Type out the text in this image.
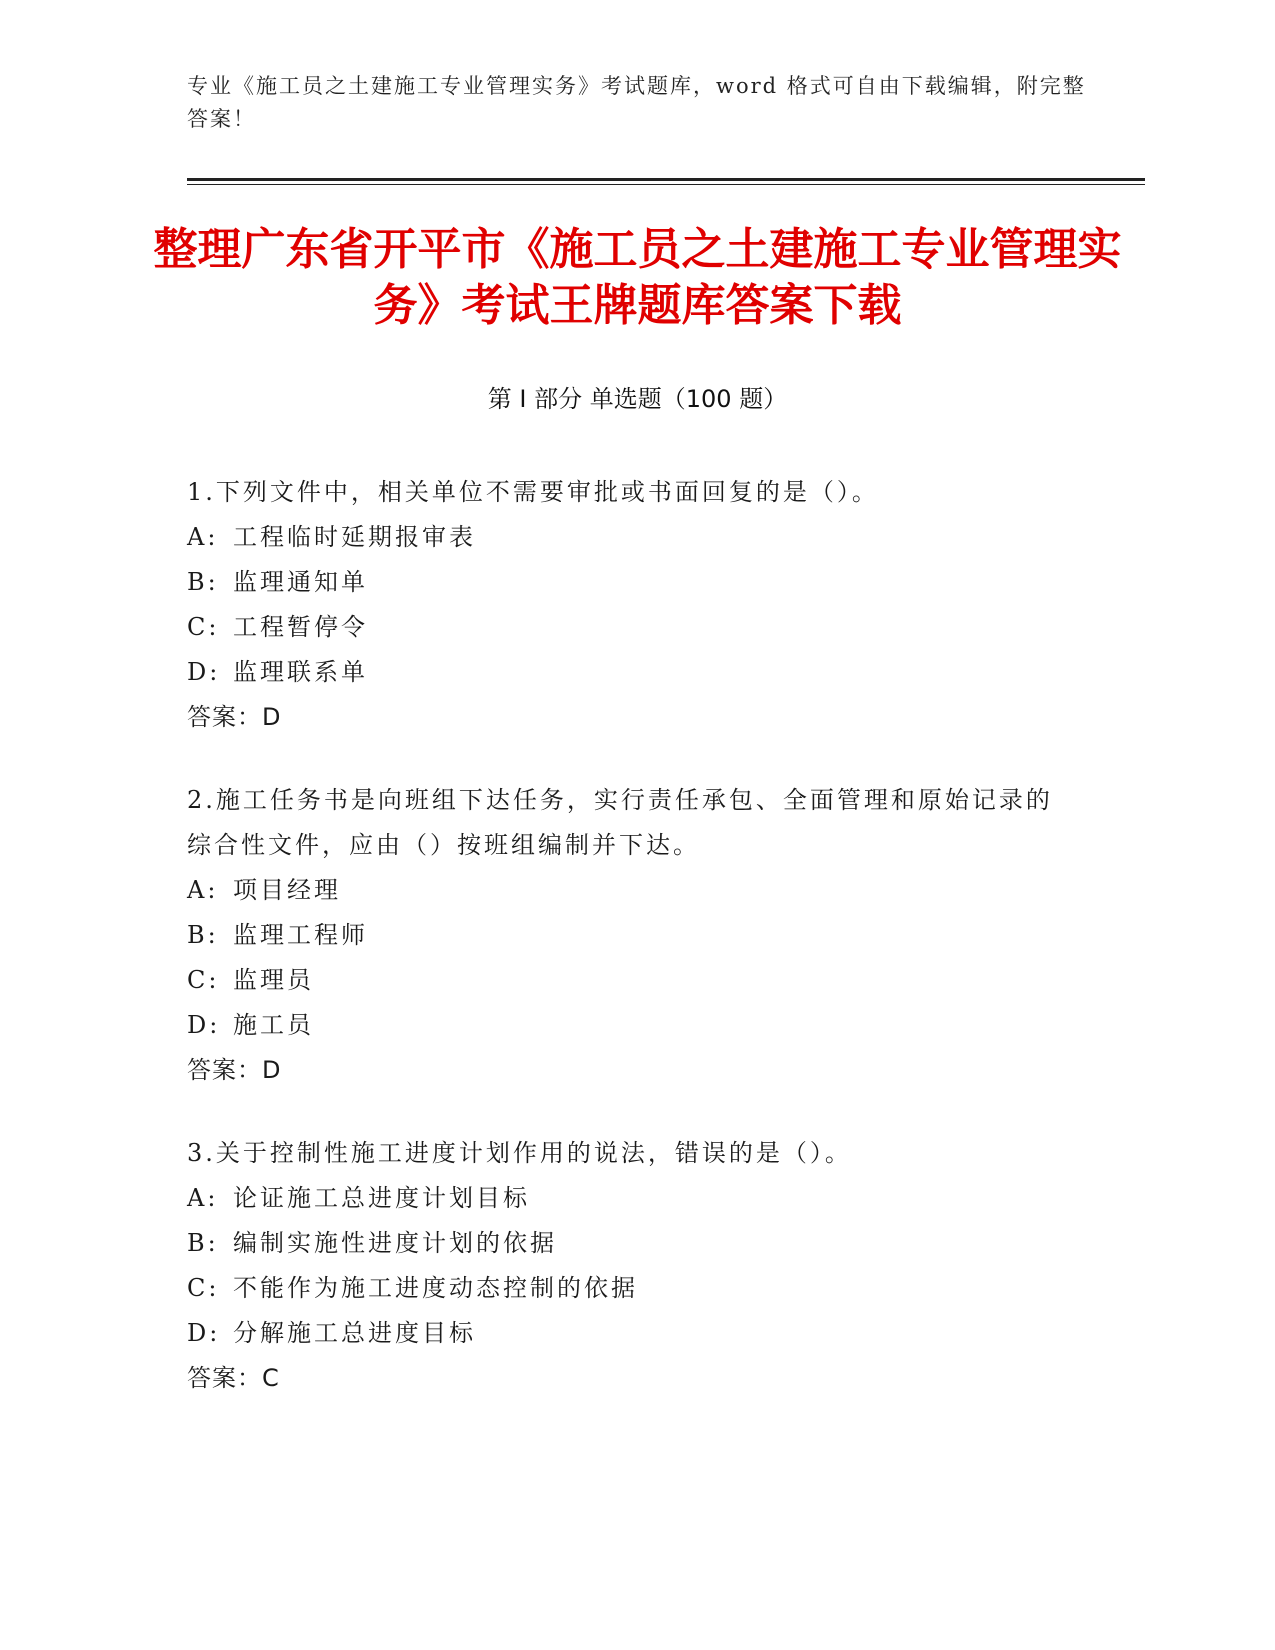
专业《施工员之土建施工专业管理实务》考试题库，word 格式可自由下载编辑，附完整答案！
整理广东省开平市《施工员之土建施工专业管理实务》考试王牌题库答案下载
第 I 部分 单选题（100 题）

1.下列文件中，相关单位不需要审批或书面回复的是（）。

A: 工程临时延期报审表

B: 监理通知单

C: 工程暂停令

D: 监理联系单

答案：D

2.施工任务书是向班组下达任务，实行责任承包、全面管理和原始记录的综合性文件，应由（）按班组编制并下达。

A: 项目经理

B: 监理工程师

C: 监理员

D: 施工员

答案：D

3.关于控制性施工进度计划作用的说法，错误的是（）。

A: 论证施工总进度计划目标

B: 编制实施性进度计划的依据

C: 不能作为施工进度动态控制的依据

D: 分解施工总进度目标

答案：C
